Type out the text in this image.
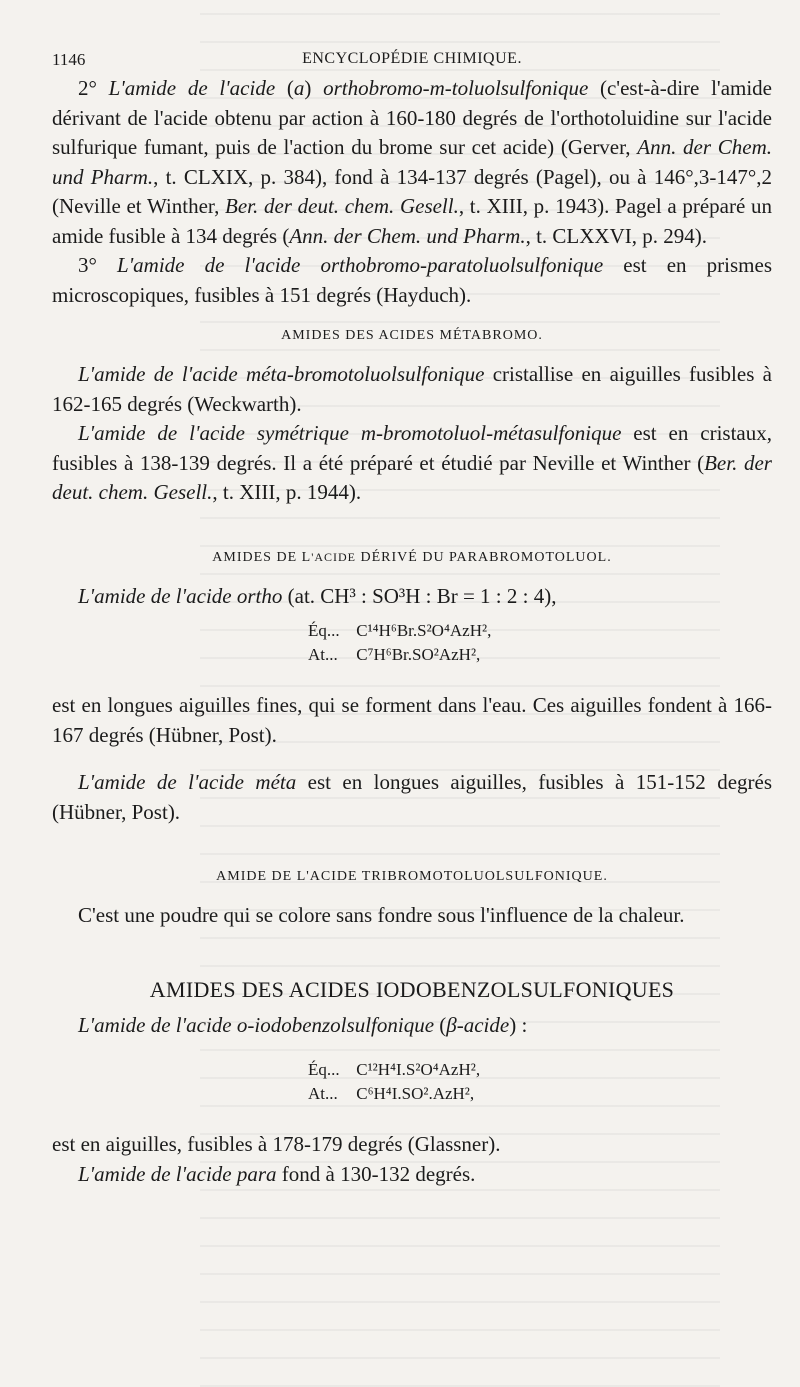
1146	ENCYCLOPÉDIE CHIMIQUE.

2° L'amide de l'acide (a) orthobromo-m-toluolsulfonique (c'est-à-dire l'amide dérivant de l'acide obtenu par action à 160-180 degrés de l'orthotoluidine sur l'acide sulfurique fumant, puis de l'action du brome sur cet acide) (Gerver, Ann. der Chem. und Pharm., t. CLXIX, p. 384), fond à 134-137 degrés (Pagel), ou à 146°,3-147°,2 (Neville et Winther, Ber. der deut. chem. Gesell., t. XIII, p. 1943). Pagel a préparé un amide fusible à 134 degrés (Ann. der Chem. und Pharm., t. CLXXVI, p. 294).

3° L'amide de l'acide orthobromo-paratoluolsulfonique est en prismes microscopiques, fusibles à 151 degrés (Hayduch).

AMIDES DES ACIDES MÉTABROMO.

L'amide de l'acide méta-bromotoluolsulfonique cristallise en aiguilles fusibles à 162-165 degrés (Weckwarth).

L'amide de l'acide symétrique m-bromotoluol-métasulfonique est en cristaux, fusibles à 138-139 degrés. Il a été préparé et étudié par Neville et Winther (Ber. der deut. chem. Gesell., t. XIII, p. 1944).

AMIDES DE L'ACIDE DÉRIVÉ DU PARABROMOTOLUOL.

L'amide de l'acide ortho (at. CH³ : SO³H : Br = 1 : 2 : 4),

Éq... C¹⁴H⁶Br.S²O⁴AzH²,
At... C⁷H⁶Br.SO²AzH²,

est en longues aiguilles fines, qui se forment dans l'eau. Ces aiguilles fondent à 166-167 degrés (Hübner, Post).

L'amide de l'acide méta est en longues aiguilles, fusibles à 151-152 degrés (Hübner, Post).

AMIDE DE L'ACIDE TRIBROMOTOLUOLSULFONIQUE.

C'est une poudre qui se colore sans fondre sous l'influence de la chaleur.

AMIDES DES ACIDES IODOBENZOLSULFONIQUES

L'amide de l'acide o-iodobenzolsulfonique (β-acide) :

Éq... C¹²H⁴I.S²O⁴AzH²,
At... C⁶H⁴I.SO².AzH²,

est en aiguilles, fusibles à 178-179 degrés (Glassner).

L'amide de l'acide para fond à 130-132 degrés.
